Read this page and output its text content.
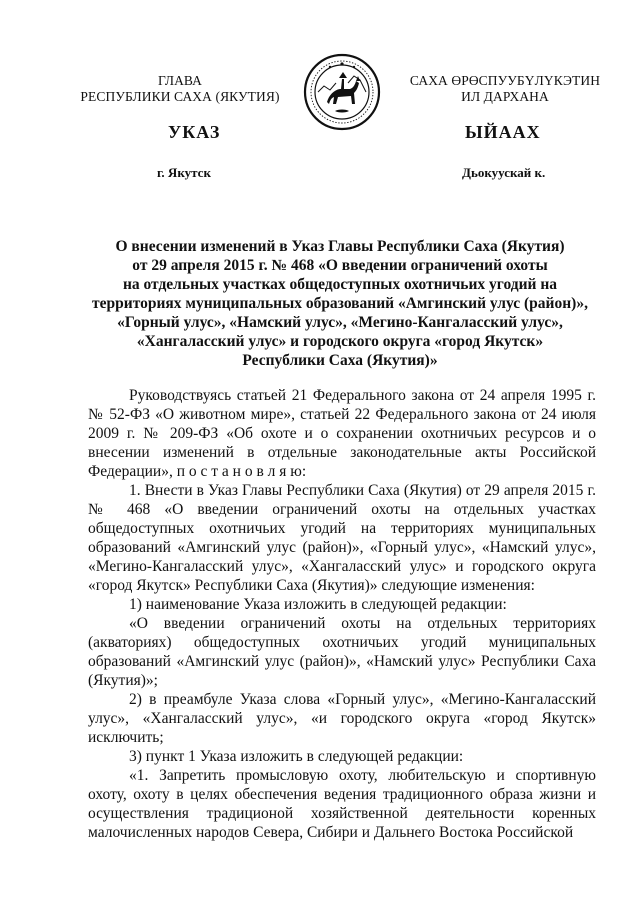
ГЛАВА
РЕСПУБЛИКИ САХА (ЯКУТИЯ)
САХА ӨРӨСПУУБҮЛҮКЭТИН
ИЛ ДАРХАНА
УКАЗ	ЫЙААХ
г. Якутск	Дьокуускай к.
О внесении изменений в Указ Главы Республики Саха (Якутия)
от 29 апреля 2015 г. № 468 «О введении ограничений охоты
на отдельных участках общедоступных охотничьих угодий на
территориях муниципальных образований «Амгинский улус (район)»,
«Горный улус», «Намский улус», «Мегино-Кангаласский улус»,
«Хангаласский улус» и городского округа «город Якутск»
Республики Саха (Якутия)»

Руководствуясь статьей 21 Федерального закона от 24 апреля 1995 г. № 52-ФЗ «О животном мире», статьей 22 Федерального закона от 24 июля 2009 г. № 209-ФЗ «Об охоте и о сохранении охотничьих ресурсов и о внесении изменений в отдельные законодательные акты Российской Федерации», п о с т а н о в л я ю:

1. Внести в Указ Главы Республики Саха (Якутия) от 29 апреля 2015 г. № 468 «О введении ограничений охоты на отдельных участках общедоступных охотничьих угодий на территориях муниципальных образований «Амгинский улус (район)», «Горный улус», «Намский улус», «Мегино-Кангаласский улус», «Хангаласский улус» и городского округа «город Якутск» Республики Саха (Якутия)» следующие изменения:

1) наименование Указа изложить в следующей редакции:

«О введении ограничений охоты на отдельных территориях (акваториях) общедоступных охотничьих угодий муниципальных образований «Амгинский улус (район)», «Намский улус» Республики Саха (Якутия)»;

2) в преамбуле Указа слова «Горный улус», «Мегино-Кангаласский улус», «Хангаласский улус», «и городского округа «город Якутск» исключить;

3) пункт 1 Указа изложить в следующей редакции:

«1. Запретить промысловую охоту, любительскую и спортивную охоту, охоту в целях обеспечения ведения традиционного образа жизни и осуществления традиционой хозяйственной деятельности коренных малочисленных народов Севера, Сибири и Дальнего Востока Российской
